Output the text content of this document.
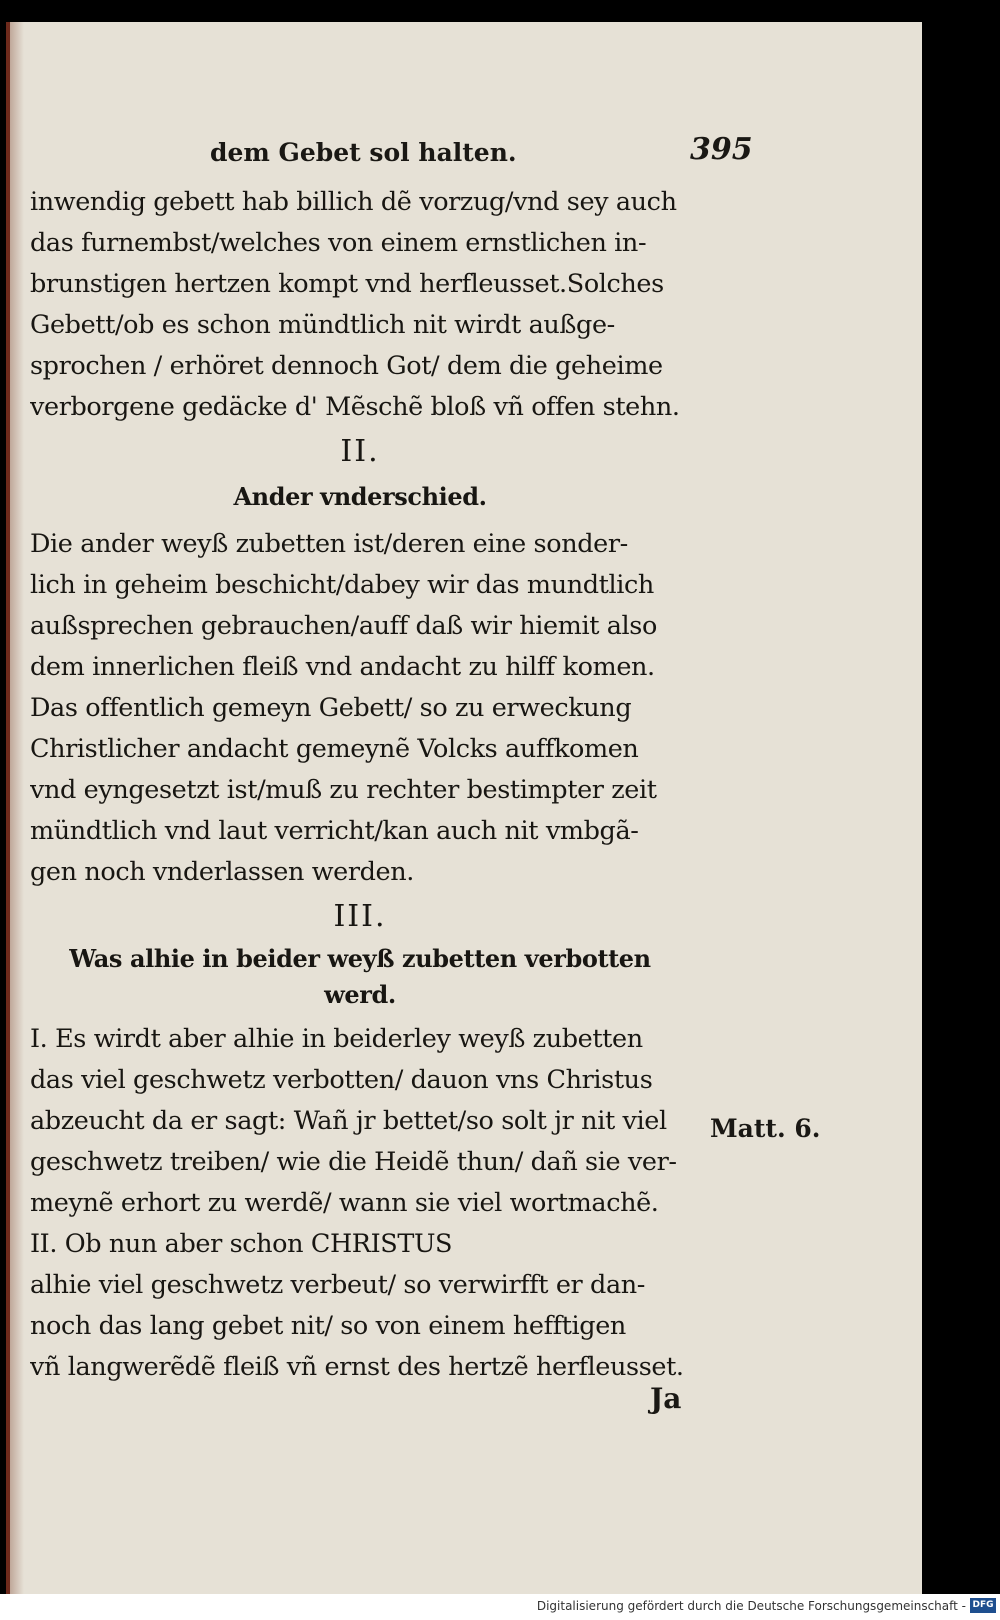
dem Gebet sol halten.	395
inwendig gebett hab billich dẽ vorzug/vnd sey auch
das furnembst/welches von einem ernstlichen in-
brunstigen hertzen kompt vnd herfleusset.Solches
Gebett/ob es schon mündtlich nit wirdt außge-
sprochen / erhöret dennoch Got/ dem die geheime
verborgene gedäcke d' Mẽschẽ bloß vñ offen stehn.
II.
Ander vnderschied.
Die ander weyß zubetten ist/deren eine sonder-
lich in geheim beschicht/dabey wir das mundtlich
außsprechen gebrauchen/auff daß wir hiemit also
dem innerlichen fleiß vnd andacht zu hilff komen.
Das offentlich gemeyn Gebett/ so zu erweckung
Christlicher andacht gemeynẽ Volcks auffkomen
vnd eyngesetzt ist/muß zu rechter bestimpter zeit
mündtlich vnd laut verricht/kan auch nit vmbgã-
gen noch vnderlassen werden.
III.
Was alhie in beider weyß zubetten verbotten
werd.
I. Es wirdt aber alhie in beiderley weyß zubetten
das viel geschwetz verbotten/ dauon vns Christus
abzeucht da er sagt: Wañ jr bettet/so solt jr nit viel
geschwetz treiben/ wie die Heidẽ thun/ dañ sie ver-
meynẽ erhort zu werdẽ/ wann sie viel wortmachẽ.
II. Ob nun aber schon CHRISTUS
alhie viel geschwetz verbeut/ so verwirfft er dan-
noch das lang gebet nit/ so von einem hefftigen
vñ langwerẽdẽ fleiß vñ ernst des hertzẽ herfleusset.
Matt. 6.
Ja
Digitalisierung gefördert durch die Deutsche Forschungsgemeinschaft - DFG
